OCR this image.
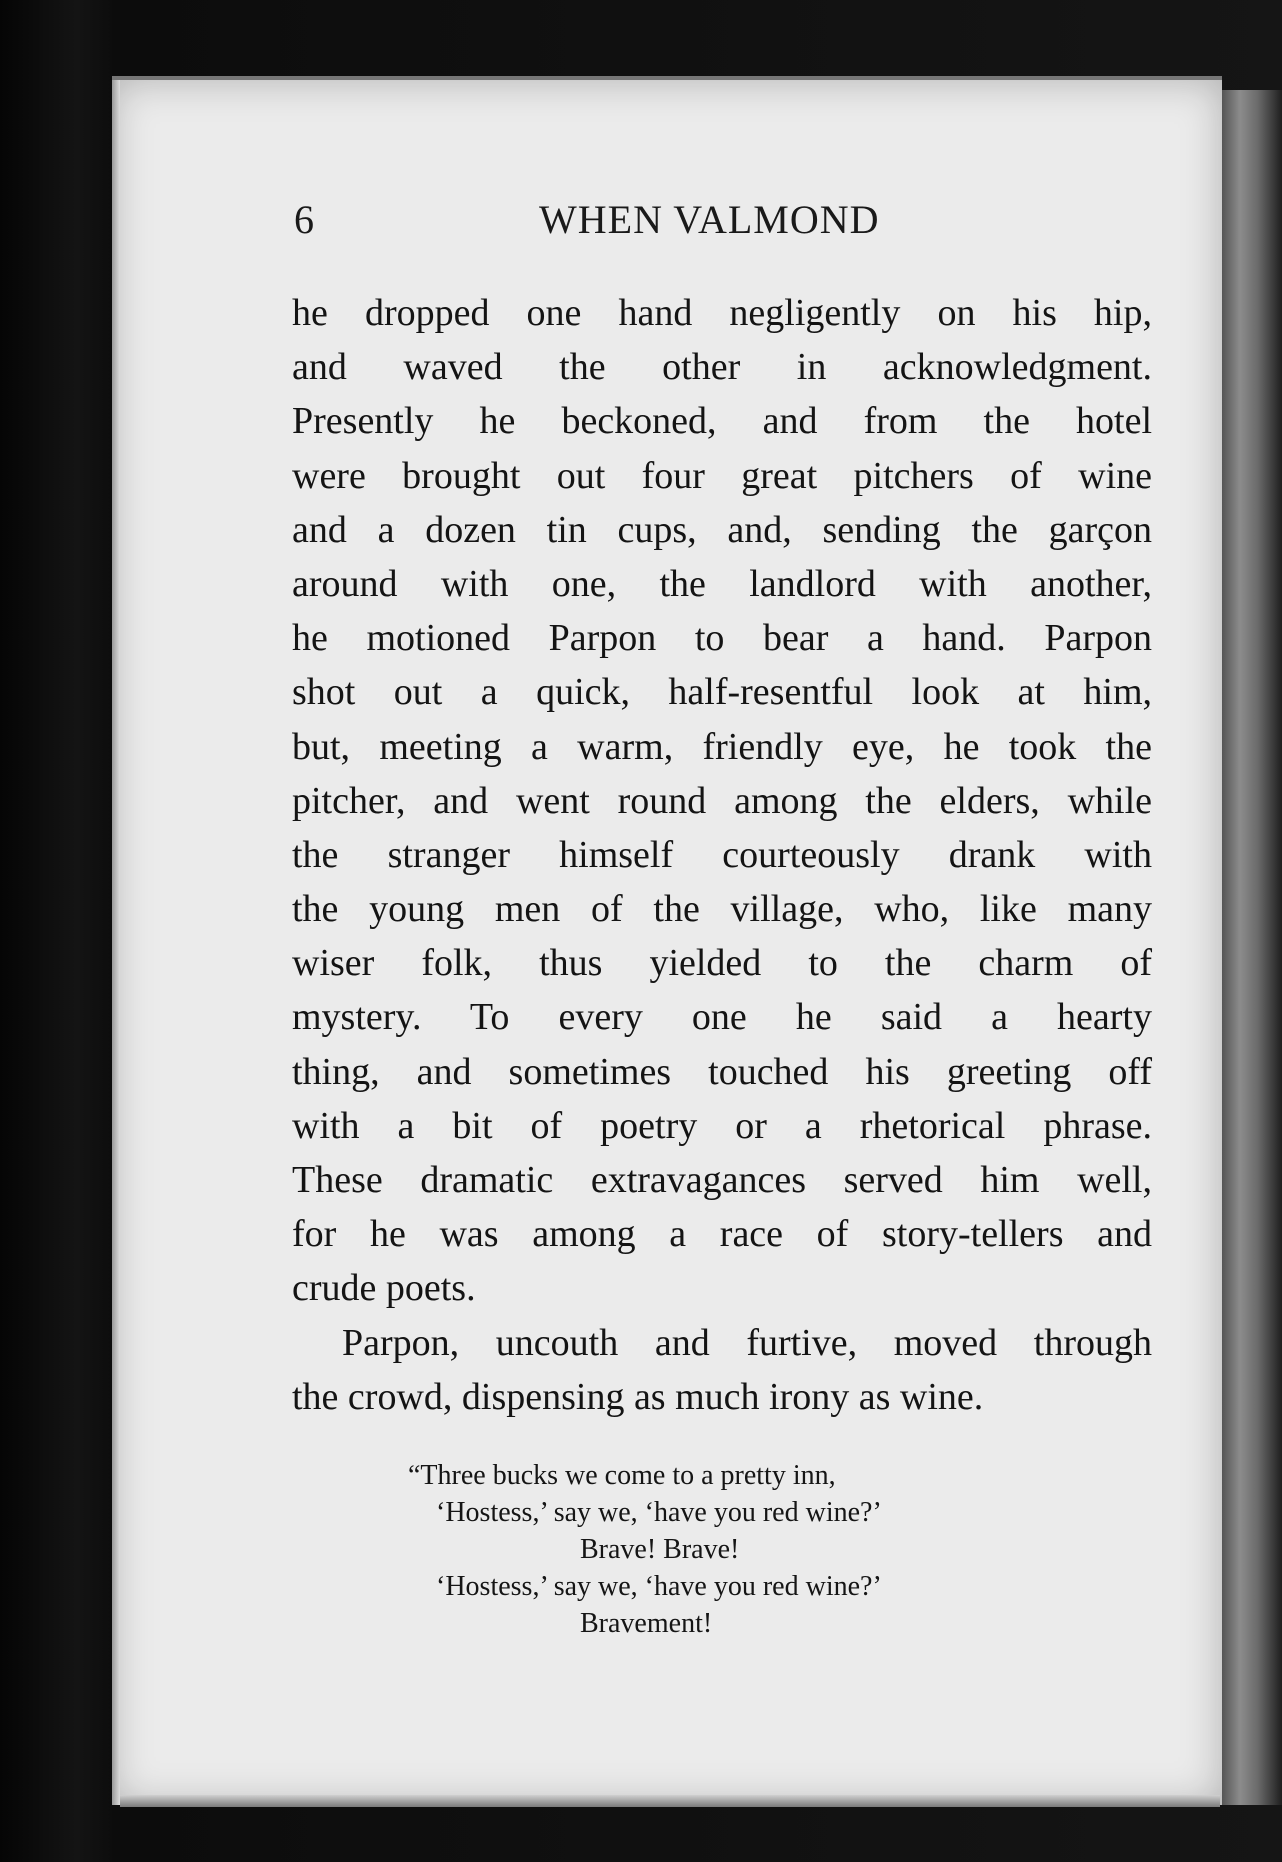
6	WHEN VALMOND
he dropped one hand negligently on his hip,
and waved the other in acknowledgment.
Presently he beckoned, and from the hotel
were brought out four great pitchers of wine
and a dozen tin cups, and, sending the garçon
around with one, the landlord with another,
he motioned Parpon to bear a hand. Parpon
shot out a quick, half-resentful look at him,
but, meeting a warm, friendly eye, he took the
pitcher, and went round among the elders, while
the stranger himself courteously drank with
the young men of the village, who, like many
wiser folk, thus yielded to the charm of
mystery. To every one he said a hearty
thing, and sometimes touched his greeting off
with a bit of poetry or a rhetorical phrase.
These dramatic extravagances served him well,
for he was among a race of story-tellers and
crude poets.
Parpon, uncouth and furtive, moved through
the crowd, dispensing as much irony as wine.
“Three bucks we come to a pretty inn,
‘Hostess,’ say we, ‘have you red wine?’
Brave! Brave!
‘Hostess,’ say we, ‘have you red wine?’
Bravement!
